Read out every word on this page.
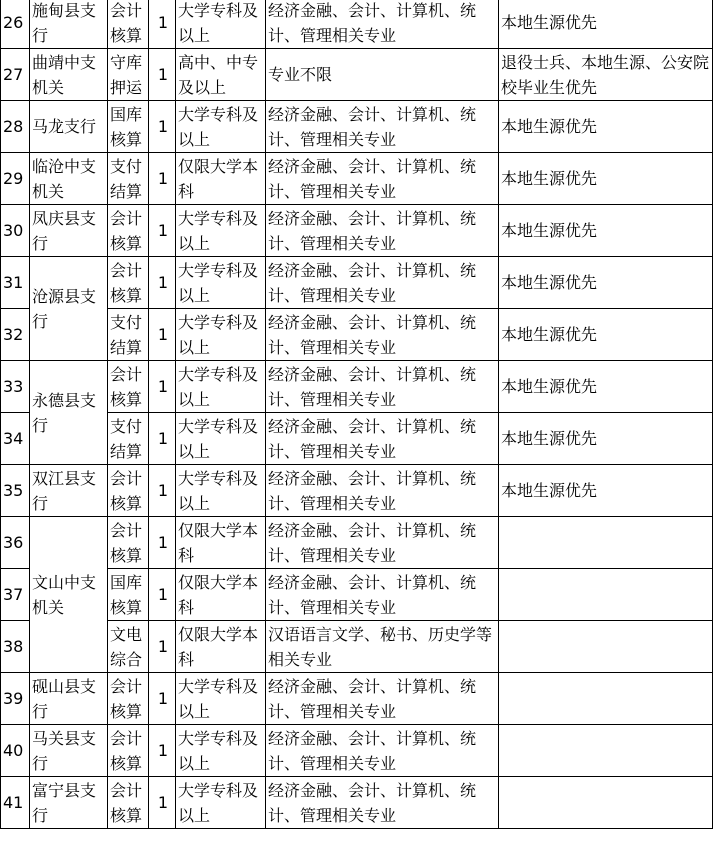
26	施甸县支行	会计核算	1	大学专科及以上	经济金融、会计、计算机、统计、管理相关专业	本地生源优先
27	曲靖中支机关	守库押运	1	高中、中专及以上	专业不限	退役士兵、本地生源、公安院校毕业生优先
28	马龙支行	国库核算	1	大学专科及以上	经济金融、会计、计算机、统计、管理相关专业	本地生源优先
29	临沧中支机关	支付结算	1	仅限大学本科	经济金融、会计、计算机、统计、管理相关专业	本地生源优先
30	凤庆县支行	会计核算	1	大学专科及以上	经济金融、会计、计算机、统计、管理相关专业	本地生源优先
31	沧源县支行	会计核算	1	大学专科及以上	经济金融、会计、计算机、统计、管理相关专业	本地生源优先
32		支付结算	1	大学专科及以上	经济金融、会计、计算机、统计、管理相关专业	本地生源优先
33	永德县支行	会计核算	1	大学专科及以上	经济金融、会计、计算机、统计、管理相关专业	本地生源优先
34		支付结算	1	大学专科及以上	经济金融、会计、计算机、统计、管理相关专业	本地生源优先
35	双江县支行	会计核算	1	大学专科及以上	经济金融、会计、计算机、统计、管理相关专业	本地生源优先
36	文山中支机关	会计核算	1	仅限大学本科	经济金融、会计、计算机、统计、管理相关专业	
37		国库核算	1	仅限大学本科	经济金融、会计、计算机、统计、管理相关专业	
38		文电综合	1	仅限大学本科	汉语语言文学、秘书、历史学等相关专业	
39	砚山县支行	会计核算	1	大学专科及以上	经济金融、会计、计算机、统计、管理相关专业	
40	马关县支行	会计核算	1	大学专科及以上	经济金融、会计、计算机、统计、管理相关专业	
41	富宁县支行	会计核算	1	大学专科及以上	经济金融、会计、计算机、统计、管理相关专业	
